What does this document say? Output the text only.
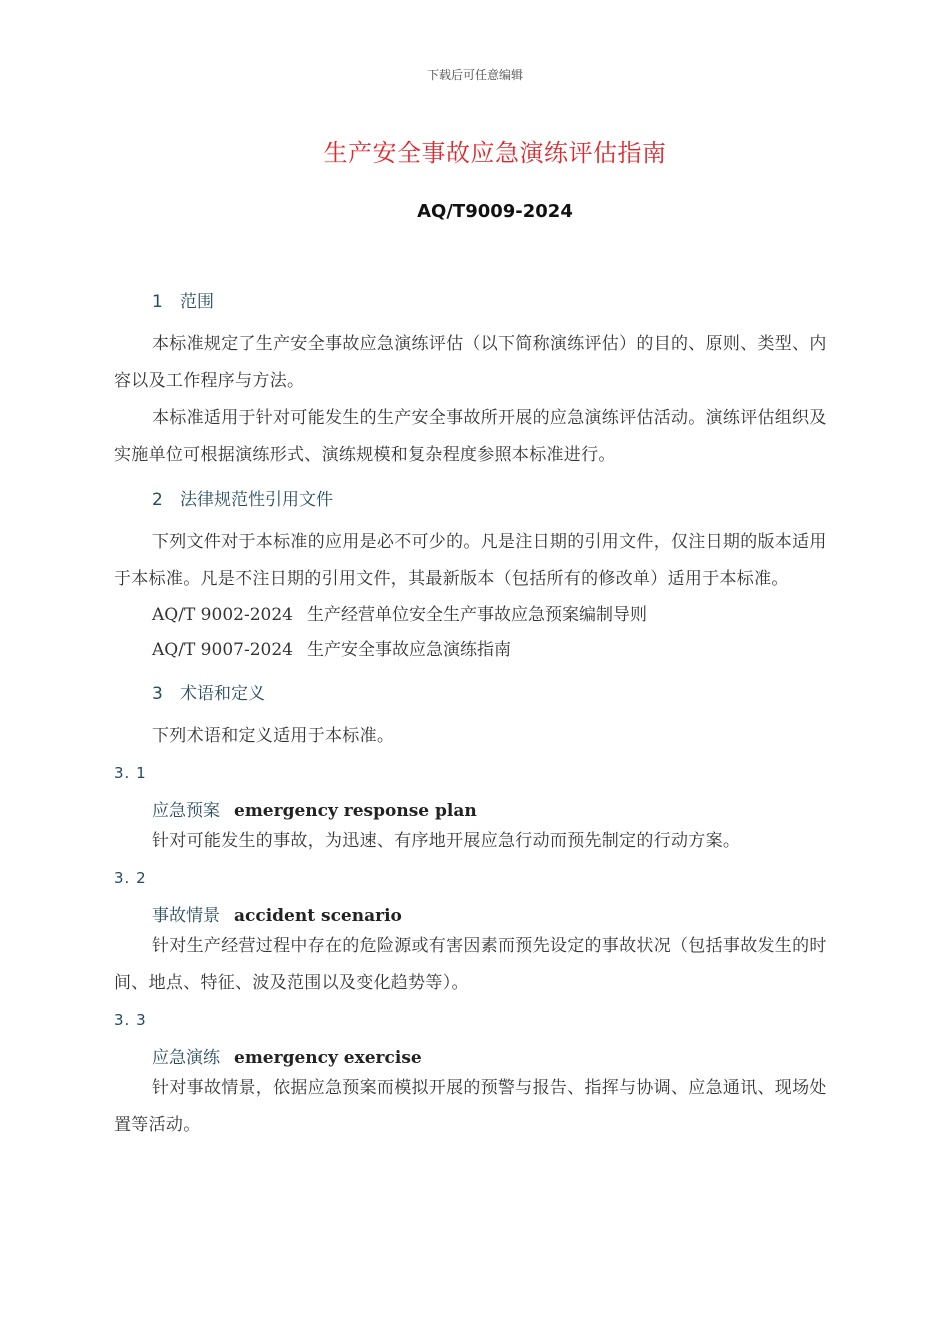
下载后可任意编辑
生产安全事故应急演练评估指南
AQ/T9009-2024
1 范围
本标准规定了生产安全事故应急演练评估（以下简称演练评估）的目的、原则、类型、内容以及工作程序与方法。
本标准适用于针对可能发生的生产安全事故所开展的应急演练评估活动。演练评估组织及实施单位可根据演练形式、演练规模和复杂程度参照本标准进行。
2 法律规范性引用文件
下列文件对于本标准的应用是必不可少的。凡是注日期的引用文件，仅注日期的版本适用于本标准。凡是不注日期的引用文件，其最新版本（包括所有的修改单）适用于本标准。
AQ/T 9002-2024 生产经营单位安全生产事故应急预案编制导则
AQ/T 9007-2024 生产安全事故应急演练指南
3 术语和定义
下列术语和定义适用于本标准。
3. 1
应急预案 emergency response plan
针对可能发生的事故，为迅速、有序地开展应急行动而预先制定的行动方案。
3. 2
事故情景 accident scenario
针对生产经营过程中存在的危险源或有害因素而预先设定的事故状况（包括事故发生的时间、地点、特征、波及范围以及变化趋势等）。
3. 3
应急演练 emergency exercise
针对事故情景，依据应急预案而模拟开展的预警与报告、指挥与协调、应急通讯、现场处置等活动。
